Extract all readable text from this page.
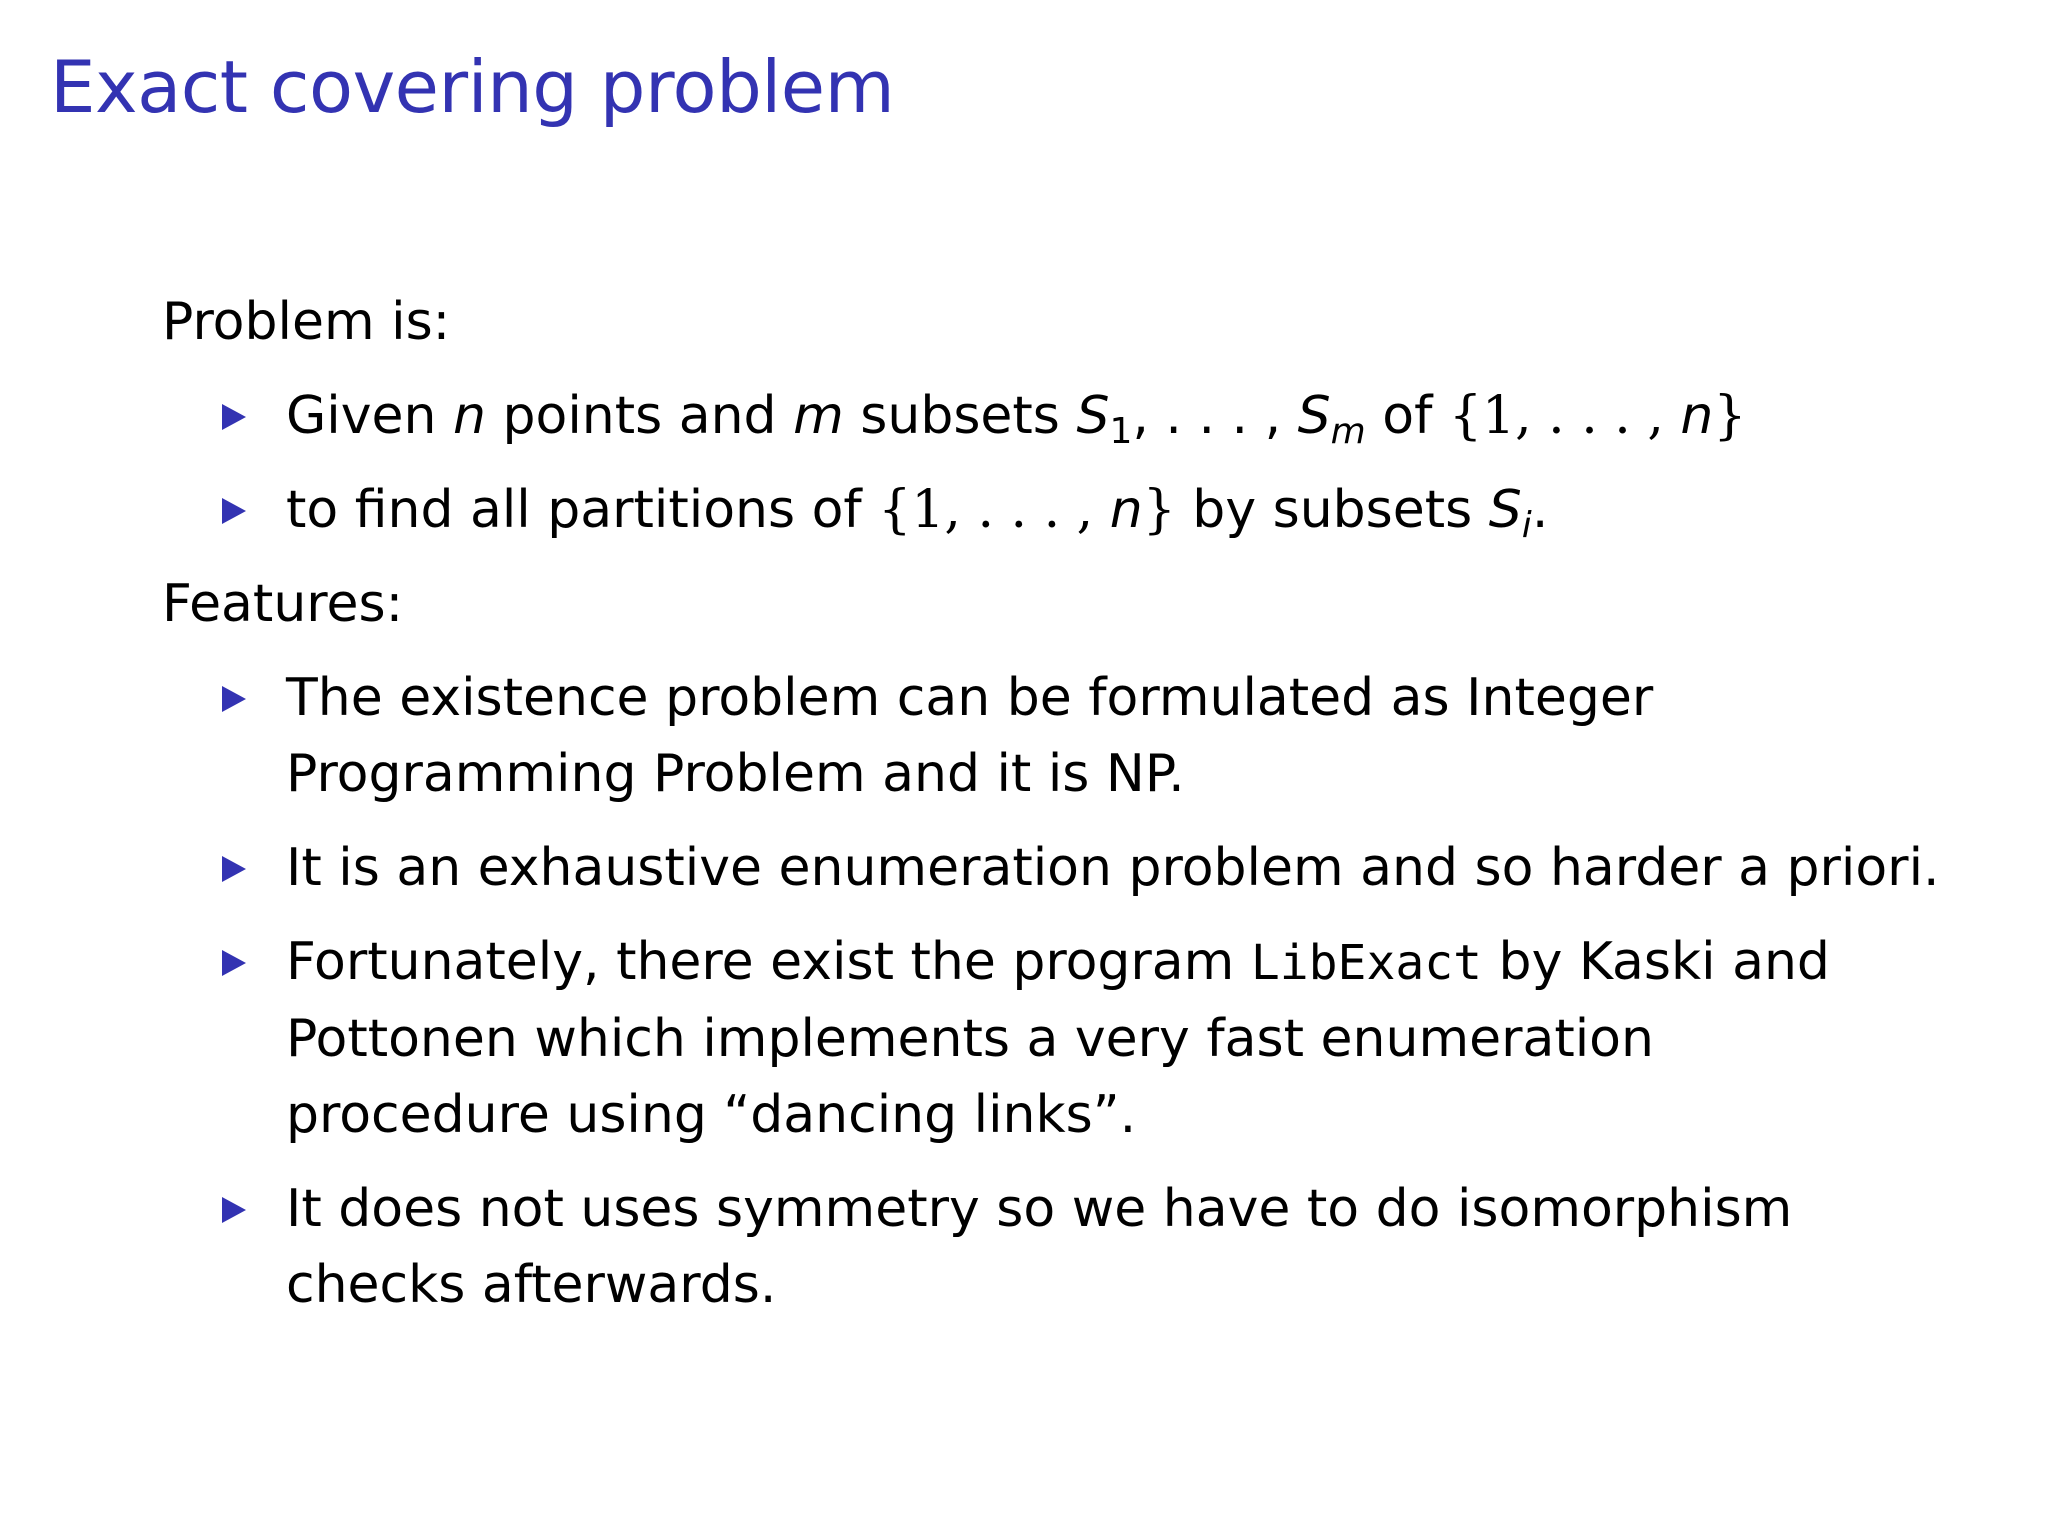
Exact covering problem
Problem is:
Given n points and m subsets $S_1$, . . . , $S_m$ of {1, . . . , n}
to find all partitions of {1, . . . , n} by subsets $S_i$.
Features:
The existence problem can be formulated as Integer
Programming Problem and it is NP.
It is an exhaustive enumeration problem and so harder a priori.
Fortunately, there exist the program LibExact by Kaski and
Pottonen which implements a very fast enumeration
procedure using “dancing links”.
It does not uses symmetry so we have to do isomorphism
checks afterwards.
